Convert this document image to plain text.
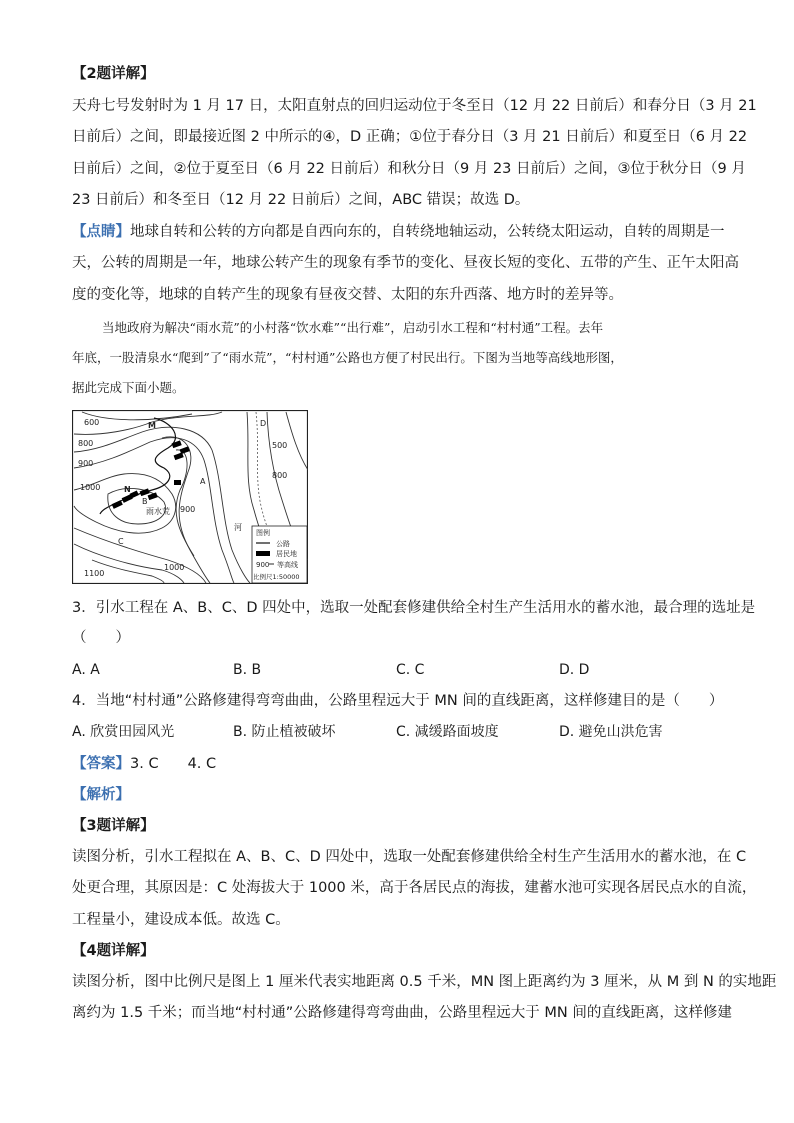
【2题详解】
天舟七号发射时为 1 月 17 日，太阳直射点的回归运动位于冬至日（12 月 22 日前后）和春分日（3 月 21
日前后）之间，即最接近图 2 中所示的④，D 正确；①位于春分日（3 月 21 日前后）和夏至日（6 月 22
日前后）之间，②位于夏至日（6 月 22 日前后）和秋分日（9 月 23 日前后）之间，③位于秋分日（9 月
23 日前后）和冬至日（12 月 22 日前后）之间，ABC 错误；故选 D。
【点睛】地球自转和公转的方向都是自西向东的，自转绕地轴运动，公转绕太阳运动，自转的周期是一
天，公转的周期是一年，地球公转产生的现象有季节的变化、昼夜长短的变化、五带的产生、正午太阳高
度的变化等，地球的自转产生的现象有昼夜交替、太阳的东升西落、地方时的差异等。
当地政府为解决“雨水荒”的小村落“饮水难”“出行难”，启动引水工程和“村村通”工程。去年
年底，一股清泉水“爬到”了“雨水荒”，“村村通”公路也方便了村民出行。下图为当地等高线地形图，
据此完成下面小题。
600
500
800
900
1000
800
900
1000
1100
M	D
A
N
B
C
雨水荒
河
图例
公路
居民地
900 等高线
比例尺1:50000
3．引水工程在 A、B、C、D 四处中，选取一处配套修建供给全村生产生活用水的蓄水池，最合理的选址是
（　　）
A. A	B. B	C. C	D. D
4．当地“村村通”公路修建得弯弯曲曲，公路里程远大于 MN 间的直线距离，这样修建目的是（　　）
A. 欣赏田园风光	B. 防止植被破坏	C. 减缓路面坡度	D. 避免山洪危害
【答案】3. C　　4. C
【解析】
【3题详解】
读图分析，引水工程拟在 A、B、C、D 四处中，选取一处配套修建供给全村生产生活用水的蓄水池，在 C
处更合理，其原因是：C 处海拔大于 1000 米，高于各居民点的海拔，建蓄水池可实现各居民点水的自流，
工程量小，建设成本低。故选 C。
【4题详解】
读图分析，图中比例尺是图上 1 厘米代表实地距离 0.5 千米，MN 图上距离约为 3 厘米，从 M 到 N 的实地距
离约为 1.5 千米；而当地“村村通”公路修建得弯弯曲曲，公路里程远大于 MN 间的直线距离，这样修建
